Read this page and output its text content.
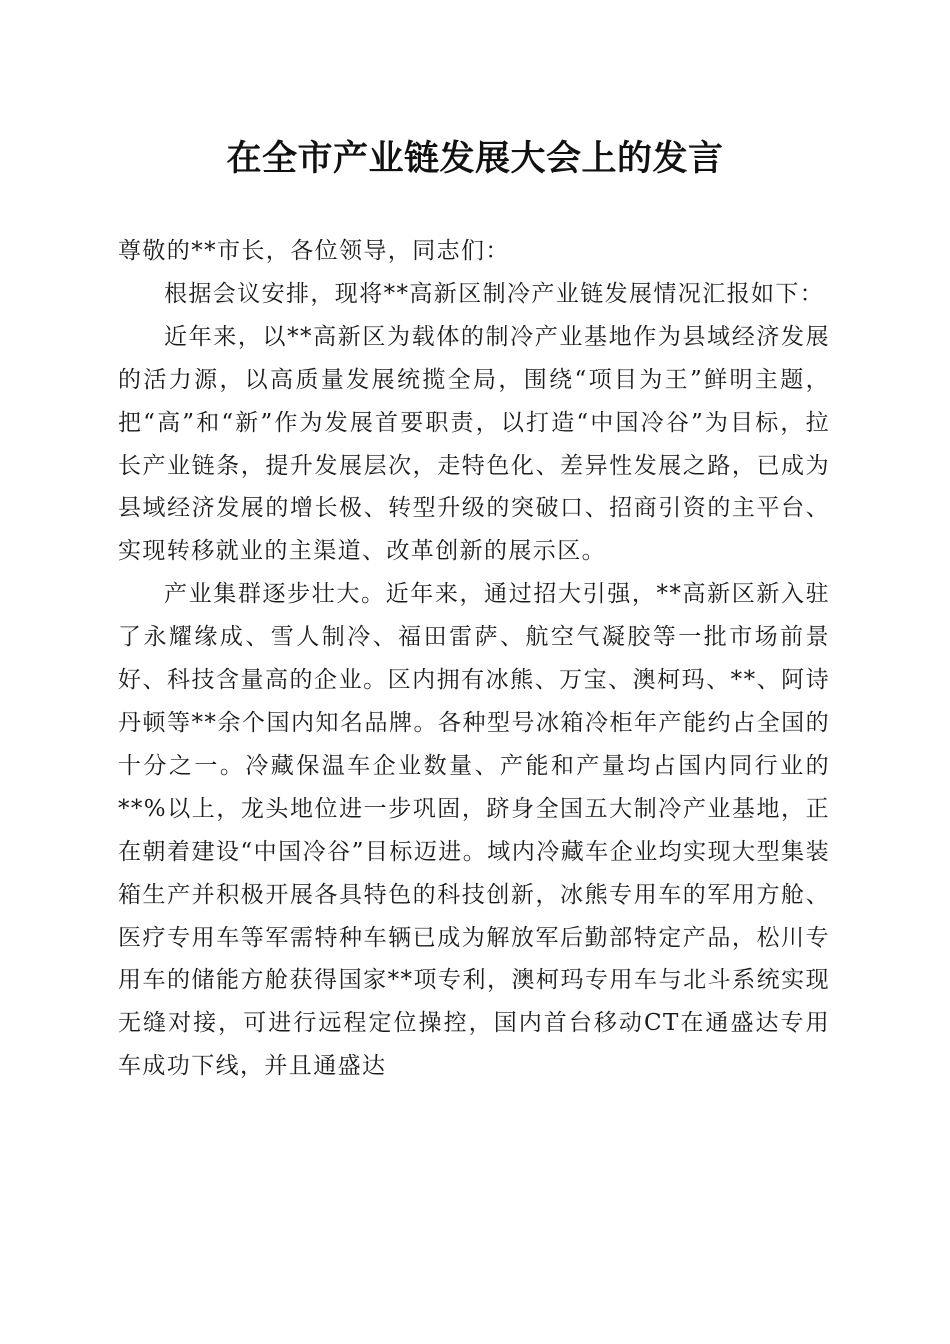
在全市产业链发展大会上的发言

尊敬的**市长，各位领导，同志们：

根据会议安排，现将**高新区制冷产业链发展情况汇报如下：

近年来，以**高新区为载体的制冷产业基地作为县域经济发展的活力源，以高质量发展统揽全局，围绕“项目为王”鲜明主题，把“高”和“新”作为发展首要职责，以打造“中国冷谷”为目标，拉长产业链条，提升发展层次，走特色化、差异性发展之路，已成为县域经济发展的增长极、转型升级的突破口、招商引资的主平台、实现转移就业的主渠道、改革创新的展示区。

产业集群逐步壮大。近年来，通过招大引强，**高新区新入驻了永耀缘成、雪人制冷、福田雷萨、航空气凝胶等一批市场前景好、科技含量高的企业。区内拥有冰熊、万宝、澳柯玛、**、阿诗丹顿等**余个国内知名品牌。各种型号冰箱冷柜年产能约占全国的十分之一。冷藏保温车企业数量、产能和产量均占国内同行业的**%以上，龙头地位进一步巩固，跻身全国五大制冷产业基地，正在朝着建设“中国冷谷”目标迈进。域内冷藏车企业均实现大型集装箱生产并积极开展各具特色的科技创新，冰熊专用车的军用方舱、医疗专用车等军需特种车辆已成为解放军后勤部特定产品，松川专用车的储能方舱获得国家**项专利，澳柯玛专用车与北斗系统实现无缝对接，可进行远程定位操控，国内首台移动CT在通盛达专用车成功下线，并且通盛达
